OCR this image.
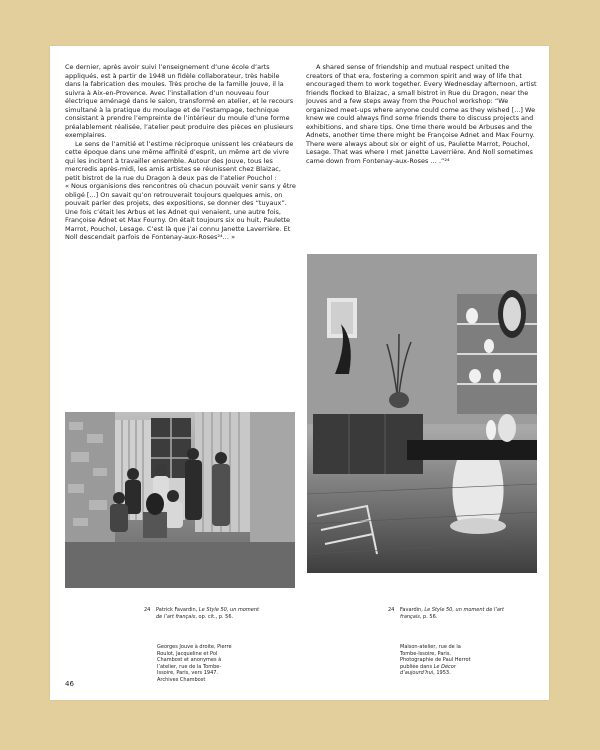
Ce dernier, après avoir suivi l’enseignement d’une école d’arts appliqués, est à partir de 1948 un fidèle collaborateur, très habile dans la fabrication des moules. Très proche de la famille Jouve, il la suivra à Aix-en-Provence. Avec l’installation d’un nouveau four électrique aménagé dans le salon, transformé en atelier, et le recours simultané à la pratique du moulage et de l’estampage, technique consistant à prendre l’empreinte de l’intérieur du moule d’une forme préalablement réalisée, l’atelier peut produire des pièces en plusieurs exemplaires.

Le sens de l’amitié et l’estime réciproque unissent les créateurs de cette époque dans une même affinité d’esprit, un même art de vivre qui les incitent à travailler ensemble. Autour des Jouve, tous les mercredis après-midi, les amis artistes se réunissent chez Blaizac, petit bistrot de la rue du Dragon à deux pas de l’atelier Pouchol :

« Nous organisions des rencontres où chacun pouvait venir sans y être obligé [...] On savait qu’on retrouverait toujours quelques amis, on pouvait parler des projets, des expositions, se donner des “tuyaux”. Une fois c’était les Arbus et les Adnet qui venaient, une autre fois, Françoise Adnet et Max Fourny. On était toujours six ou huit, Paulette Marrot, Pouchol, Lesage. C’est là que j’ai connu Janette Laverrière. Et Noll descendait parfois de Fontenay-aux-Roses²⁴… »

A shared sense of friendship and mutual respect united the creators of that era, fostering a common spirit and way of life that encouraged them to work together. Every Wednesday afternoon, artist friends flocked to Blaizac, a small bistrot in Rue du Dragon, near the Jouves and a few steps away from the Pouchol workshop: “We organized meet-ups where anyone could come as they wished [...] We knew we could always find some friends there to discuss projects and exhibitions, and share tips. One time there would be Arbuses and the Adnets, another time there might be Françoise Adnet and Max Fourny. There were always about six or eight of us, Paulette Marrot, Pouchol, Lesage. That was where I met Janette Laverrière. And Noll sometimes came down from Fontenay-aux-Roses … .”²⁴

24 Patrick Favardin, Le Style 50, un moment de l’art français, op. cit., p. 56.
24 Favardin, Le Style 50, un moment de l’art français, p. 56.
Georges Jouve à droite, Pierre Roulot, Jacqueline et Pol Chambost et anonymes à l’atelier, rue de la Tombe-Issoire, Paris, vers 1947. Archives Chambost
Maison-atelier, rue de la Tombe-Issoire, Paris. Photographie de Paul Herrot publiée dans Le Décor d’aujourd’hui, 1953.
46
